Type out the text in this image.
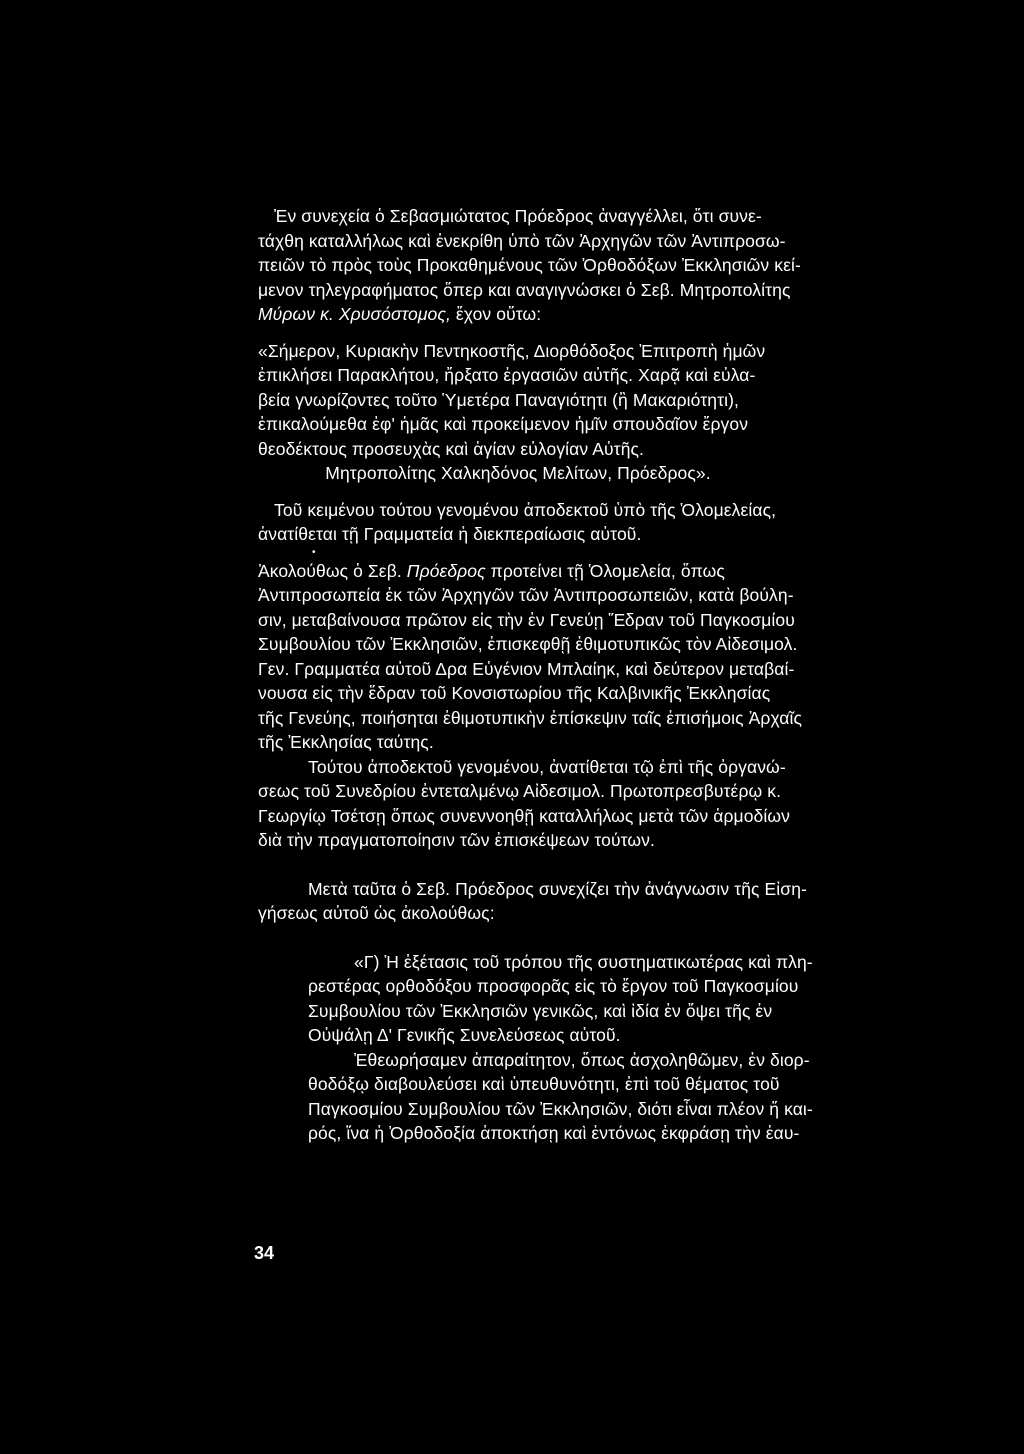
Ἐν συνεχεία ὁ Σεβασμιώτατος Πρόεδρος ἀναγγέλλει, ὅτι συνε-
τάχθη καταλλήλως καὶ ἐνεκρίθη ὑπὸ τῶν Ἀρχηγῶν τῶν Ἀντιπροσω-
πειῶν τὸ πρὸς τοὺς Προκαθημένους τῶν Ὀρθοδόξων Ἐκκλησιῶν κεί-
μενον τηλεγραφήματος ὅπερ και αναγιγνώσκει ὁ Σεβ. Μητροπολίτης
Μύρων κ. Χρυσόστομος, ἔχον οὕτω:
«Σήμερον, Κυριακὴν Πεντηκοστῆς, Διορθόδοξος Ἐπιτροπὴ ἡμῶν
ἐπικλήσει Παρακλήτου, ἤρξατο ἐργασιῶν αὐτῆς. Χαρᾷ καὶ εὐλα-
βεία γνωρίζοντες τοῦτο Ὑμετέρα Παναγιότητι (ἢ Μακαριότητι),
ἐπικαλούμεθα ἐφ' ἡμᾶς καὶ προκείμενον ἡμῖν σπουδαῖον ἔργον
θεοδέκτους προσευχὰς καὶ ἁγίαν εὐλογίαν Αὐτῆς.
Μητροπολίτης Χαλκηδόνος Μελίτων, Πρόεδρος».
Τοῦ κειμένου τούτου γενομένου ἀποδεκτοῦ ὑπὸ τῆς Ὁλομελείας,
ἀνατίθεται τῇ Γραμματεία ἡ διεκπεραίωσις αὐτοῦ.
•
Ἀκολούθως ὁ Σεβ. Πρόεδρος προτείνει τῇ Ὁλομελεία, ὅπως
Ἀντιπροσωπεία ἐκ τῶν Ἀρχηγῶν τῶν Ἀντιπροσωπειῶν, κατὰ βούλη-
σιν, μεταβαίνουσα πρῶτον εἰς τὴν ἐν Γενεύῃ Ἕδραν τοῦ Παγκοσμίου
Συμβουλίου τῶν Ἐκκλησιῶν, ἐπισκεφθῇ ἐθιμοτυπικῶς τὸν Αἰδεσιμολ.
Γεν. Γραμματέα αὐτοῦ Δρα Εὐγένιον Μπλαίηκ, καὶ δεύτερον μεταβαί-
νουσα εἰς τὴν ἕδραν τοῦ Κονσιστωρίου τῆς Καλβινικῆς Ἐκκλησίας
τῆς Γενεύης, ποιήσηται ἐθιμοτυπικὴν ἐπίσκεψιν ταῖς ἐπισήμοις Ἀρχαῖς
τῆς Ἐκκλησίας ταύτης.
Τούτου ἀποδεκτοῦ γενομένου, ἀνατίθεται τῷ ἐπὶ τῆς ὀργανώ-
σεως τοῦ Συνεδρίου ἐντεταλμένῳ Αἰδεσιμολ. Πρωτοπρεσβυτέρῳ κ.
Γεωργίῳ Τσέτσῃ ὅπως συνεννοηθῇ καταλλήλως μετὰ τῶν ἁρμοδίων
διὰ τὴν πραγματοποίησιν τῶν ἐπισκέψεων τούτων.
Μετὰ ταῦτα ὁ Σεβ. Πρόεδρος συνεχίζει τὴν ἀνάγνωσιν τῆς Εἰση-
γήσεως αὐτοῦ ὡς ἀκολούθως:
«Γ) Ἡ ἐξέτασις τοῦ τρόπου τῆς συστηματικωτέρας καὶ πλη-
ρεστέρας ορθοδόξου προσφορᾶς εἰς τὸ ἔργον τοῦ Παγκοσμίου
Συμβουλίου τῶν Ἐκκλησιῶν γενικῶς, καὶ ἰδία ἐν ὄψει τῆς ἐν
Οὐψάλῃ Δ' Γενικῆς Συνελεύσεως αὐτοῦ.
Ἐθεωρήσαμεν ἀπαραίτητον, ὅπως ἀσχοληθῶμεν, ἐν διορ-
θοδόξῳ διαβουλεύσει καὶ ὑπευθυνότητι, ἐπὶ τοῦ θέματος τοῦ
Παγκοσμίου Συμβουλίου τῶν Ἐκκλησιῶν, διότι εἶναι πλέον ἤ και-
ρός, ἵνα ἡ Ὀρθοδοξία ἀποκτήσῃ καὶ ἐντόνως ἐκφράσῃ τὴν ἑαυ-
34
